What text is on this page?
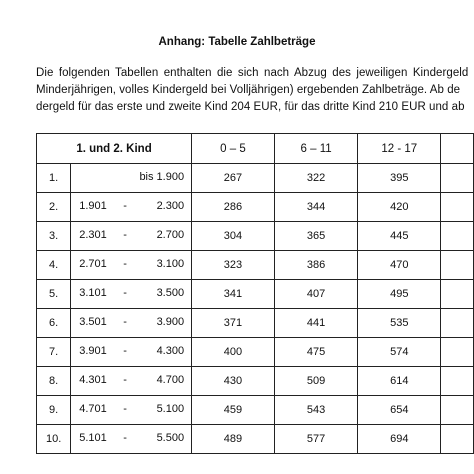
Anhang: Tabelle Zahlbeträge
Die folgenden Tabellen enthalten die sich nach Abzug des jeweiligen Kindergeld
Minderjährigen, volles Kindergeld bei Volljährigen) ergebenden Zahlbeträge. Ab de
dergeld für das erste und zweite Kind 204 EUR, für das dritte Kind 210 EUR und ab
1. und 2. Kind		0 – 5	6 – 11	12 - 17	
1.	bis 1.900	267	322	395	
2.	1.901 - 2.300	286	344	420	
3.	2.301 - 2.700	304	365	445	
4.	2.701 - 3.100	323	386	470	
5.	3.101 - 3.500	341	407	495	
6.	3.501 - 3.900	371	441	535	
7.	3.901 - 4.300	400	475	574	
8.	4.301 - 4.700	430	509	614	
9.	4.701 - 5.100	459	543	654	
10.	5.101 - 5.500	489	577	694	
